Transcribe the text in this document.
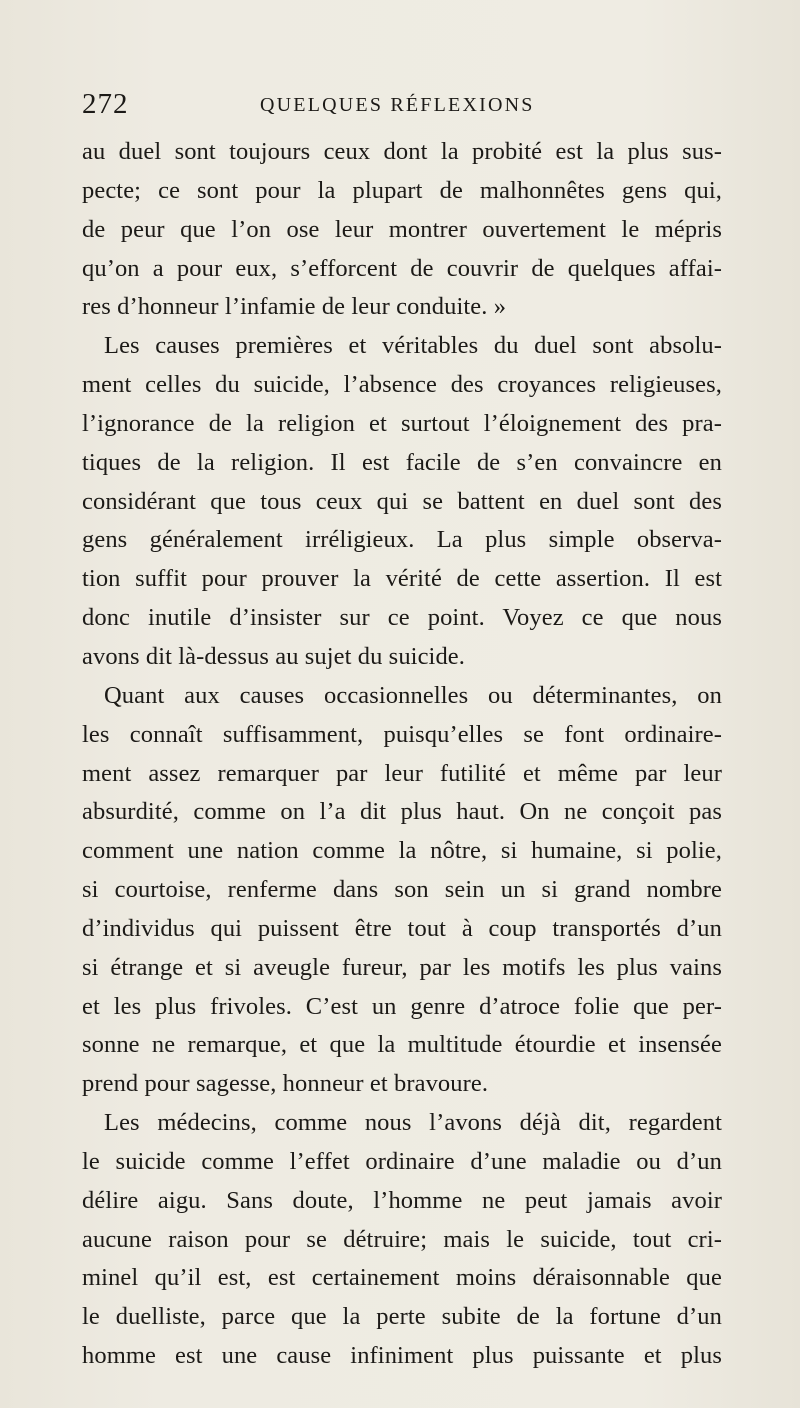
272	QUELQUES RÉFLEXIONS
au duel sont toujours ceux dont la probité est la plus sus-
pecte; ce sont pour la plupart de malhonnêtes gens qui,
de peur que l’on ose leur montrer ouvertement le mépris
qu’on a pour eux, s’efforcent de couvrir de quelques affai-
res d’honneur l’infamie de leur conduite. »
Les causes premières et véritables du duel sont absolu-
ment celles du suicide, l’absence des croyances religieuses,
l’ignorance de la religion et surtout l’éloignement des pra-
tiques de la religion. Il est facile de s’en convaincre en
considérant que tous ceux qui se battent en duel sont des
gens généralement irréligieux. La plus simple observa-
tion suffit pour prouver la vérité de cette assertion. Il est
donc inutile d’insister sur ce point. Voyez ce que nous
avons dit là-dessus au sujet du suicide.
Quant aux causes occasionnelles ou déterminantes, on
les connaît suffisamment, puisqu’elles se font ordinaire-
ment assez remarquer par leur futilité et même par leur
absurdité, comme on l’a dit plus haut. On ne conçoit pas
comment une nation comme la nôtre, si humaine, si polie,
si courtoise, renferme dans son sein un si grand nombre
d’individus qui puissent être tout à coup transportés d’un
si étrange et si aveugle fureur, par les motifs les plus vains
et les plus frivoles. C’est un genre d’atroce folie que per-
sonne ne remarque, et que la multitude étourdie et insensée
prend pour sagesse, honneur et bravoure.
Les médecins, comme nous l’avons déjà dit, regardent
le suicide comme l’effet ordinaire d’une maladie ou d’un
délire aigu. Sans doute, l’homme ne peut jamais avoir
aucune raison pour se détruire; mais le suicide, tout cri-
minel qu’il est, est certainement moins déraisonnable que
le duelliste, parce que la perte subite de la fortune d’un
homme est une cause infiniment plus puissante et plus
